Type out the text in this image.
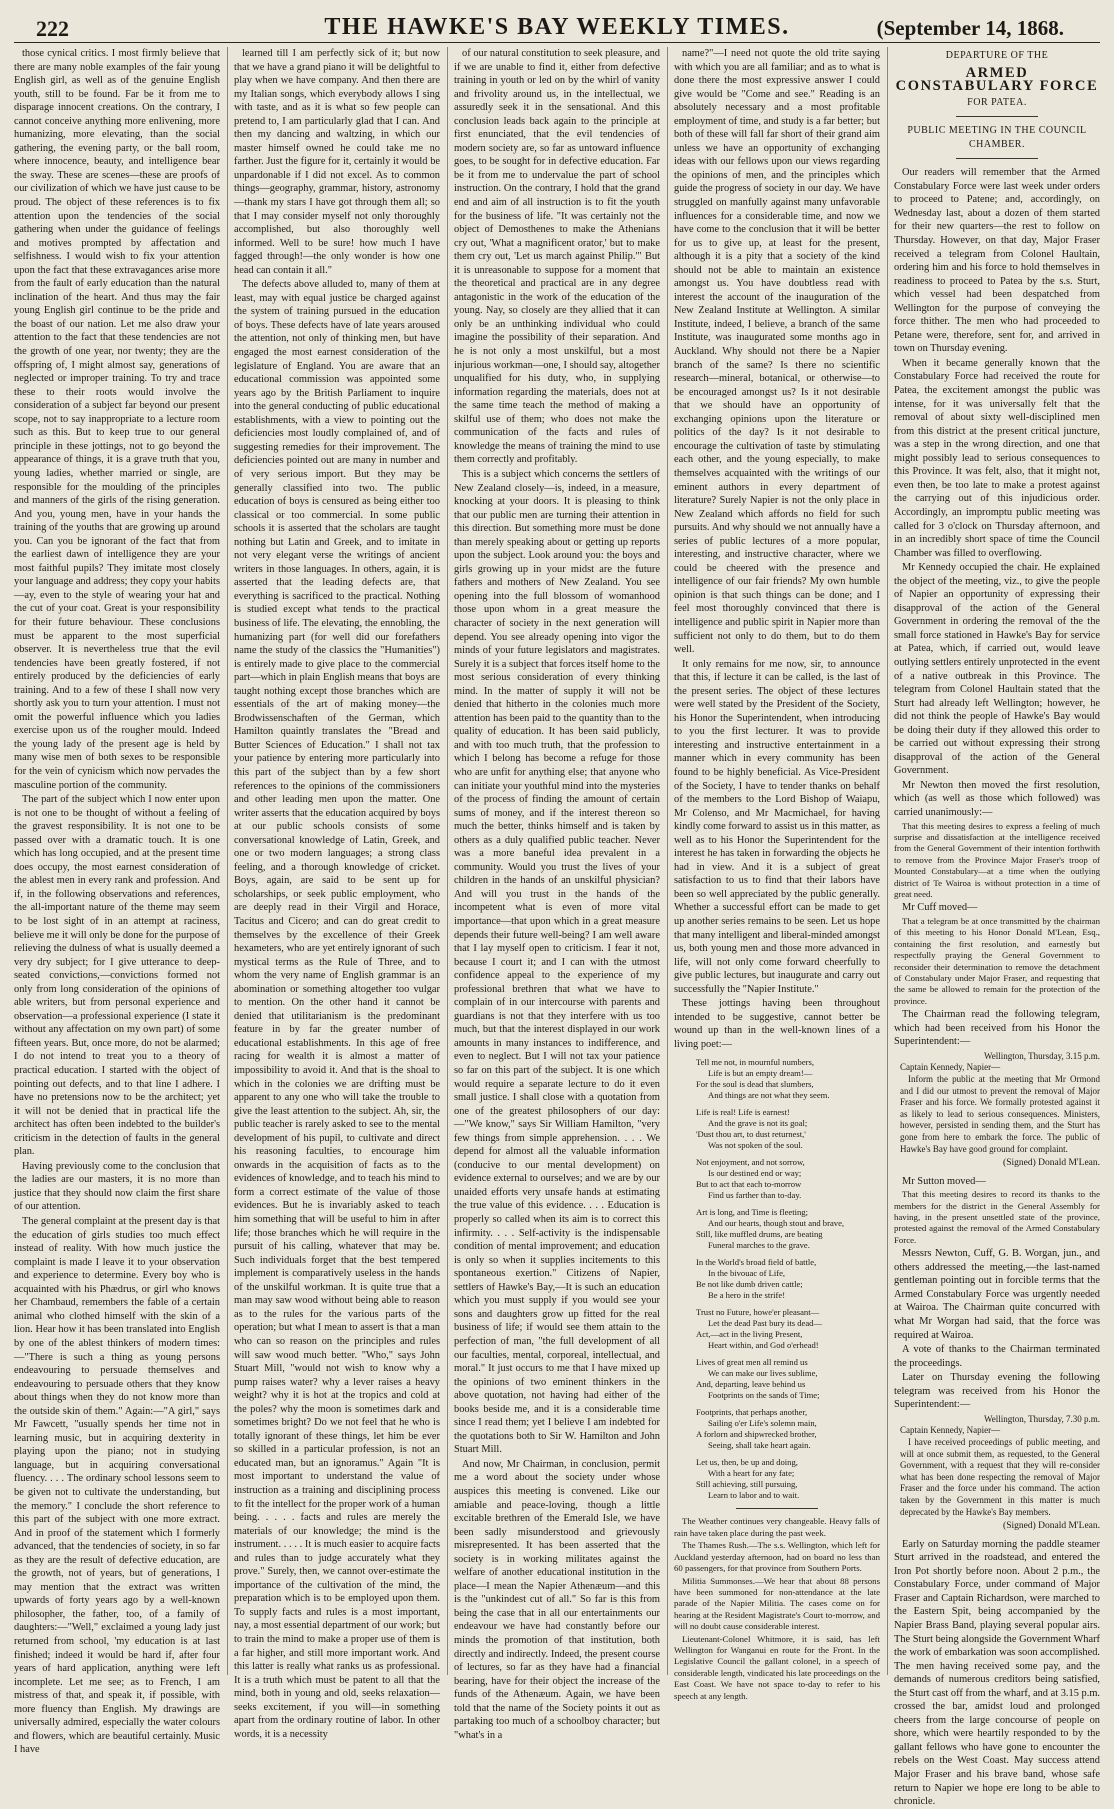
222	THE HAWKE'S BAY WEEKLY TIMES.	(September 14, 1868.

those cynical critics. I most firmly believe that there are many noble examples of the fair young English girl, as well as of the genuine English youth, still to be found. Far be it from me to disparage innocent creations. On the contrary, I cannot conceive anything more enlivening, more humanizing, more elevating, than the social gathering, the evening party, or the ball room, where innocence, beauty, and intelligence bear the sway. These are scenes—these are proofs of our civilization of which we have just cause to be proud. The object of these references is to fix attention upon the tendencies of the social gathering when under the guidance of feelings and motives prompted by affectation and selfishness. I would wish to fix your attention upon the fact that these extravagances arise more from the fault of early education than the natural inclination of the heart. And thus may the fair young English girl continue to be the pride and the boast of our nation. Let me also draw your attention to the fact that these tendencies are not the growth of one year, nor twenty; they are the offspring of, I might almost say, generations of neglected or improper training. To try and trace these to their roots would involve the consideration of a subject far beyond our present scope, not to say inappropriate to a lecture room such as this. But to keep true to our general principle in these jottings, not to go beyond the appearance of things, it is a grave truth that you, young ladies, whether married or single, are responsible for the moulding of the principles and manners of the girls of the rising generation. And you, young men, have in your hands the training of the youths that are growing up around you. Can you be ignorant of the fact that from the earliest dawn of intelligence they are your most faithful pupils? They imitate most closely your language and address; they copy your habits—ay, even to the style of wearing your hat and the cut of your coat. Great is your responsibility for their future behaviour. These conclusions must be apparent to the most superficial observer. It is nevertheless true that the evil tendencies have been greatly fostered, if not entirely produced by the deficiencies of early training. And to a few of these I shall now very shortly ask you to turn your attention. I must not omit the powerful influence which you ladies exercise upon us of the rougher mould. Indeed the young lady of the present age is held by many wise men of both sexes to be responsible for the vein of cynicism which now pervades the masculine portion of the community.

The part of the subject which I now enter upon is not one to be thought of without a feeling of the gravest responsibility. It is not one to be passed over with a dramatic touch. It is one which has long occupied, and at the present time does occupy, the most earnest consideration of the ablest men in every rank and profession. And if, in the following observations and references, the all-important nature of the theme may seem to be lost sight of in an attempt at raciness, believe me it will only be done for the purpose of relieving the dulness of what is usually deemed a very dry subject; for I give utterance to deep-seated convictions,—convictions formed not only from long consideration of the opinions of able writers, but from personal experience and observation—a professional experience (I state it without any affectation on my own part) of some fifteen years. But, once more, do not be alarmed; I do not intend to treat you to a theory of practical education. I started with the object of pointing out defects, and to that line I adhere. I have no pretensions now to be the architect; yet it will not be denied that in practical life the architect has often been indebted to the builder's criticism in the detection of faults in the general plan.

Having previously come to the conclusion that the ladies are our masters, it is no more than justice that they should now claim the first share of our attention.

The general complaint at the present day is that the education of girls studies too much effect instead of reality. With how much justice the complaint is made I leave it to your observation and experience to determine. Every boy who is acquainted with his Phædrus, or girl who knows her Chambaud, remembers the fable of a certain animal who clothed himself with the skin of a lion. Hear how it has been translated into English by one of the ablest thinkers of modern times:—"There is such a thing as young persons endeavouring to persuade themselves and endeavouring to persuade others that they know about things when they do not know more than the outside skin of them." Again:—"A girl," says Mr Fawcett, "usually spends her time not in learning music, but in acquiring dexterity in playing upon the piano; not in studying language, but in acquiring conversational fluency. . . . The ordinary school lessons seem to be given not to cultivate the understanding, but the memory." I conclude the short reference to this part of the subject with one more extract. And in proof of the statement which I formerly advanced, that the tendencies of society, in so far as they are the result of defective education, are the growth, not of years, but of generations, I may mention that the extract was written upwards of forty years ago by a well-known philosopher, the father, too, of a family of daughters:—"Well," exclaimed a young lady just returned from school, 'my education is at last finished; indeed it would be hard if, after four years of hard application, anything were left incomplete. Let me see; as to French, I am mistress of that, and speak it, if possible, with more fluency than English. My drawings are universally admired, especially the water colours and flowers, which are beautiful certainly. Music I have

learned till I am perfectly sick of it; but now that we have a grand piano it will be delightful to play when we have company. And then there are my Italian songs, which everybody allows I sing with taste, and as it is what so few people can pretend to, I am particularly glad that I can. And then my dancing and waltzing, in which our master himself owned he could take me no farther. Just the figure for it, certainly it would be unpardonable if I did not excel. As to common things—geography, grammar, history, astronomy—thank my stars I have got through them all; so that I may consider myself not only thoroughly accomplished, but also thoroughly well informed. Well to be sure! how much I have fagged through!—the only wonder is how one head can contain it all."

The defects above alluded to, many of them at least, may with equal justice be charged against the system of training pursued in the education of boys. These defects have of late years aroused the attention, not only of thinking men, but have engaged the most earnest consideration of the legislature of England. You are aware that an educational commission was appointed some years ago by the British Parliament to inquire into the general conducting of public educational establishments, with a view to pointing out the deficiencies most loudly complained of, and of suggesting remedies for their improvement. The deficiencies pointed out are many in number and of very serious import. But they may be generally classified into two. The public education of boys is censured as being either too classical or too commercial. In some public schools it is asserted that the scholars are taught nothing but Latin and Greek, and to imitate in not very elegant verse the writings of ancient writers in those languages. In others, again, it is asserted that the leading defects are, that everything is sacrificed to the practical. Nothing is studied except what tends to the practical business of life. The elevating, the ennobling, the humanizing part (for well did our forefathers name the study of the classics the "Humanities") is entirely made to give place to the commercial part—which in plain English means that boys are taught nothing except those branches which are essentials of the art of making money—the Brodwissenschaften of the German, which Hamilton quaintly translates the "Bread and Butter Sciences of Education." I shall not tax your patience by entering more particularly into this part of the subject than by a few short references to the opinions of the commissioners and other leading men upon the matter. One writer asserts that the education acquired by boys at our public schools consists of some conversational knowledge of Latin, Greek, and one or two modern languages; a strong class feeling, and a thorough knowledge of cricket. Boys, again, are said to be sent up for scholarships, or seek public employment, who are deeply read in their Virgil and Horace, Tacitus and Cicero; and can do great credit to themselves by the excellence of their Greek hexameters, who are yet entirely ignorant of such mystical terms as the Rule of Three, and to whom the very name of English grammar is an abomination or something altogether too vulgar to mention. On the other hand it cannot be denied that utilitarianism is the predominant feature in by far the greater number of educational establishments. In this age of free racing for wealth it is almost a matter of impossibility to avoid it. And that is the shoal to which in the colonies we are drifting must be apparent to any one who will take the trouble to give the least attention to the subject. Ah, sir, the public teacher is rarely asked to see to the mental development of his pupil, to cultivate and direct his reasoning faculties, to encourage him onwards in the acquisition of facts as to the evidences of knowledge, and to teach his mind to form a correct estimate of the value of those evidences. But he is invariably asked to teach him something that will be useful to him in after life; those branches which he will require in the pursuit of his calling, whatever that may be. Such individuals forget that the best tempered implement is comparatively useless in the hands of the unskilful workman. It is quite true that a man may saw wood without being able to reason as to the rules for the various parts of the operation; but what I mean to assert is that a man who can so reason on the principles and rules will saw wood much better. "Who," says John Stuart Mill, "would not wish to know why a pump raises water? why a lever raises a heavy weight? why it is hot at the tropics and cold at the poles? why the moon is sometimes dark and sometimes bright? Do we not feel that he who is totally ignorant of these things, let him be ever so skilled in a particular profession, is not an educated man, but an ignoramus." Again "It is most important to understand the value of instruction as a training and disciplining process to fit the intellect for the proper work of a human being. . . . . facts and rules are merely the materials of our knowledge; the mind is the instrument. . . . . It is much easier to acquire facts and rules than to judge accurately what they prove." Surely, then, we cannot over-estimate the importance of the cultivation of the mind, the preparation which is to be employed upon them. To supply facts and rules is a most important, nay, a most essential department of our work; but to train the mind to make a proper use of them is a far higher, and still more important work. And this latter is really what ranks us as professional. It is a truth which must be patent to all that the mind, both in young and old, seeks relaxation—seeks excitement, if you will—in something apart from the ordinary routine of labor. In other words, it is a necessity

of our natural constitution to seek pleasure, and if we are unable to find it, either from defective training in youth or led on by the whirl of vanity and frivolity around us, in the intellectual, we assuredly seek it in the sensational. And this conclusion leads back again to the principle at first enunciated, that the evil tendencies of modern society are, so far as untoward influence goes, to be sought for in defective education. Far be it from me to undervalue the part of school instruction. On the contrary, I hold that the grand end and aim of all instruction is to fit the youth for the business of life. "It was certainly not the object of Demosthenes to make the Athenians cry out, 'What a magnificent orator,' but to make them cry out, 'Let us march against Philip.'" But it is unreasonable to suppose for a moment that the theoretical and practical are in any degree antagonistic in the work of the education of the young. Nay, so closely are they allied that it can only be an unthinking individual who could imagine the possibility of their separation. And he is not only a most unskilful, but a most injurious workman—one, I should say, altogether unqualified for his duty, who, in supplying information regarding the materials, does not at the same time teach the method of making a skilful use of them; who does not make the communication of the facts and rules of knowledge the means of training the mind to use them correctly and profitably.

This is a subject which concerns the settlers of New Zealand closely—is, indeed, in a measure, knocking at your doors. It is pleasing to think that our public men are turning their attention in this direction. But something more must be done than merely speaking about or getting up reports upon the subject. Look around you: the boys and girls growing up in your midst are the future fathers and mothers of New Zealand. You see opening into the full blossom of womanhood those upon whom in a great measure the character of society in the next generation will depend. You see already opening into vigor the minds of your future legislators and magistrates. Surely it is a subject that forces itself home to the most serious consideration of every thinking mind. In the matter of supply it will not be denied that hitherto in the colonies much more attention has been paid to the quantity than to the quality of education. It has been said publicly, and with too much truth, that the profession to which I belong has become a refuge for those who are unfit for anything else; that anyone who can initiate your youthful mind into the mysteries of the process of finding the amount of certain sums of money, and if the interest thereon so much the better, thinks himself and is taken by others as a duly qualified public teacher. Never was a more baneful idea prevalent in a community. Would you trust the lives of your children in the hands of an unskilful physician? And will you trust in the hands of the incompetent what is even of more vital importance—that upon which in a great measure depends their future well-being? I am well aware that I lay myself open to criticism. I fear it not, because I court it; and I can with the utmost confidence appeal to the experience of my professional brethren that what we have to complain of in our intercourse with parents and guardians is not that they interfere with us too much, but that the interest displayed in our work amounts in many instances to indifference, and even to neglect. But I will not tax your patience so far on this part of the subject. It is one which would require a separate lecture to do it even small justice. I shall close with a quotation from one of the greatest philosophers of our day:—"We know," says Sir William Hamilton, "very few things from simple apprehension. . . . We depend for almost all the valuable information (conducive to our mental development) on evidence external to ourselves; and we are by our unaided efforts very unsafe hands at estimating the true value of this evidence. . . . Education is properly so called when its aim is to correct this infirmity. . . . Self-activity is the indispensable condition of mental improvement; and education is only so when it supplies incitements to this spontaneous exertion." Citizens of Napier, settlers of Hawke's Bay,—It is such an education which you must supply if you would see your sons and daughters grow up fitted for the real business of life; if would see them attain to the perfection of man, "the full development of all our faculties, mental, corporeal, intellectual, and moral." It just occurs to me that I have mixed up the opinions of two eminent thinkers in the above quotation, not having had either of the books beside me, and it is a considerable time since I read them; yet I believe I am indebted for the quotations both to Sir W. Hamilton and John Stuart Mill.

And now, Mr Chairman, in conclusion, permit me a word about the society under whose auspices this meeting is convened. Like our amiable and peace-loving, though a little excitable brethren of the Emerald Isle, we have been sadly misunderstood and grievously misrepresented. It has been asserted that the society is in working militates against the welfare of another educational institution in the place—I mean the Napier Athenæum—and this is the "unkindest cut of all." So far is this from being the case that in all our entertainments our endeavour we have had constantly before our minds the promotion of that institution, both directly and indirectly. Indeed, the present course of lectures, so far as they have had a financial bearing, have for their object the increase of the funds of the Athenæum. Again, we have been told that the name of the Society points it out as partaking too much of a schoolboy character; but "what's in a

name?"—I need not quote the old trite saying with which you are all familiar; and as to what is done there the most expressive answer I could give would be "Come and see." Reading is an absolutely necessary and a most profitable employment of time, and study is a far better; but both of these will fall far short of their grand aim unless we have an opportunity of exchanging ideas with our fellows upon our views regarding the opinions of men, and the principles which guide the progress of society in our day. We have struggled on manfully against many unfavorable influences for a considerable time, and now we have come to the conclusion that it will be better for us to give up, at least for the present, although it is a pity that a society of the kind should not be able to maintain an existence amongst us. You have doubtless read with interest the account of the inauguration of the New Zealand Institute at Wellington. A similar Institute, indeed, I believe, a branch of the same Institute, was inaugurated some months ago in Auckland. Why should not there be a Napier branch of the same? Is there no scientific research—mineral, botanical, or otherwise—to be encouraged amongst us? Is it not desirable that we should have an opportunity of exchanging opinions upon the literature or politics of the day? Is it not desirable to encourage the cultivation of taste by stimulating each other, and the young especially, to make themselves acquainted with the writings of our eminent authors in every department of literature? Surely Napier is not the only place in New Zealand which affords no field for such pursuits. And why should we not annually have a series of public lectures of a more popular, interesting, and instructive character, where we could be cheered with the presence and intelligence of our fair friends? My own humble opinion is that such things can be done; and I feel most thoroughly convinced that there is intelligence and public spirit in Napier more than sufficient not only to do them, but to do them well.

It only remains for me now, sir, to announce that this, if lecture it can be called, is the last of the present series. The object of these lectures were well stated by the President of the Society, his Honor the Superintendent, when introducing to you the first lecturer. It was to provide interesting and instructive entertainment in a manner which in every community has been found to be highly beneficial. As Vice-President of the Society, I have to tender thanks on behalf of the members to the Lord Bishop of Waiapu, Mr Colenso, and Mr Macmichael, for having kindly come forward to assist us in this matter, as well as to his Honor the Superintendent for the interest he has taken in forwarding the objects he had in view. And it is a subject of great satisfaction to us to find that their labors have been so well appreciated by the public generally. Whether a successful effort can be made to get up another series remains to be seen. Let us hope that many intelligent and liberal-minded amongst us, both young men and those more advanced in life, will not only come forward cheerfully to give public lectures, but inaugurate and carry out successfully the "Napier Institute."

These jottings having been throughout intended to be suggestive, cannot better be wound up than in the well-known lines of a living poet:—

Tell me not, in mournful numbers,
Life is but an empty dream!—
For the soul is dead that slumbers,
And things are not what they seem.
Life is real! Life is earnest!
And the grave is not its goal;
'Dust thou art, to dust returnest,'
Was not spoken of the soul.
Not enjoyment, and not sorrow,
Is our destined end or way;
But to act that each to-morrow
Find us farther than to-day.
Art is long, and Time is fleeting;
And our hearts, though stout and brave,
Still, like muffled drums, are beating
Funeral marches to the grave.
In the World's broad field of battle,
In the bivouac of Life,
Be not like dumb driven cattle;
Be a hero in the strife!
Trust no Future, howe'er pleasant—
Let the dead Past bury its dead—
Act,—act in the living Present,
Heart within, and God o'erhead!
Lives of great men all remind us
We can make our lives sublime,
And, departing, leave behind us
Footprints on the sands of Time;
Footprints, that perhaps another,
Sailing o'er Life's solemn main,
A forlorn and shipwrecked brother,
Seeing, shall take heart again.
Let us, then, be up and doing,
With a heart for any fate;
Still achieving, still pursuing,
Learn to labor and to wait.

The Weather continues very changeable. Heavy falls of rain have taken place during the past week.

The Thames Rush.—The s.s. Wellington, which left for Auckland yesterday afternoon, had on board no less than 60 passengers, for that province from Southern Ports.

Militia Summonses.—We hear that about 88 persons have been summoned for non-attendance at the late parade of the Napier Militia. The cases come on for hearing at the Resident Magistrate's Court to-morrow, and will no doubt cause considerable interest.

Lieutenant-Colonel Whitmore, it is said, has left Wellington for Wanganui en route for the Front. In the Legislative Council the gallant colonel, in a speech of considerable length, vindicated his late proceedings on the East Coast. We have not space to-day to refer to his speech at any length.

DEPARTURE OF THE
ARMED CONSTABULARY FORCE
FOR PATEA.
PUBLIC MEETING IN THE COUNCIL CHAMBER.

Our readers will remember that the Armed Constabulary Force were last week under orders to proceed to Patene; and, accordingly, on Wednesday last, about a dozen of them started for their new quarters—the rest to follow on Thursday. However, on that day, Major Fraser received a telegram from Colonel Haultain, ordering him and his force to hold themselves in readiness to proceed to Patea by the s.s. Sturt, which vessel had been despatched from Wellington for the purpose of conveying the force thither. The men who had proceeded to Petane were, therefore, sent for, and arrived in town on Thursday evening.

When it became generally known that the Constabulary Force had received the route for Patea, the excitement amongst the public was intense, for it was universally felt that the removal of about sixty well-disciplined men from this district at the present critical juncture, was a step in the wrong direction, and one that might possibly lead to serious consequences to this Province. It was felt, also, that it might not, even then, be too late to make a protest against the carrying out of this injudicious order. Accordingly, an impromptu public meeting was called for 3 o'clock on Thursday afternoon, and in an incredibly short space of time the Council Chamber was filled to overflowing.

Mr Kennedy occupied the chair. He explained the object of the meeting, viz., to give the people of Napier an opportunity of expressing their disapproval of the action of the General Government in ordering the removal of the the small force stationed in Hawke's Bay for service at Patea, which, if carried out, would leave outlying settlers entirely unprotected in the event of a native outbreak in this Province. The telegram from Colonel Haultain stated that the Sturt had already left Wellington; however, he did not think the people of Hawke's Bay would be doing their duty if they allowed this order to be carried out without expressing their strong disapproval of the action of the General Government.

Mr Newton then moved the first resolution, which (as well as those which followed) was carried unanimously:—

That this meeting desires to express a feeling of much surprise and dissatisfaction at the intelligence received from the General Government of their intention forthwith to remove from the Province Major Fraser's troop of Mounted Constabulary—at a time when the outlying district of Te Wairoa is without protection in a time of great need.

Mr Cuff moved—

That a telegram be at once transmitted by the chairman of this meeting to his Honor Donald M'Lean, Esq., containing the first resolution, and earnestly but respectfully praying the General Government to reconsider their determination to remove the detachment of Constabulary under Major Fraser, and requesting that the same be allowed to remain for the protection of the province.

The Chairman read the following telegram, which had been received from his Honor the Superintendent:—

Wellington, Thursday, 3.15 p.m.
Captain Kennedy, Napier—
Inform the public at the meeting that Mr Ormond and I did our utmost to prevent the removal of Major Fraser and his force. We formally protested against it as likely to lead to serious consequences. Ministers, however, persisted in sending them, and the Sturt has gone from here to embark the force. The public of Hawke's Bay have good ground for complaint.
(Signed) Donald M'Lean.

Mr Sutton moved—

That this meeting desires to record its thanks to the members for the district in the General Assembly for having, in the present unsettled state of the province, protested against the removal of the Armed Constabulary Force.

Messrs Newton, Cuff, G. B. Worgan, jun., and others addressed the meeting,—the last-named gentleman pointing out in forcible terms that the Armed Constabulary Force was urgently needed at Wairoa. The Chairman quite concurred with what Mr Worgan had said, that the force was required at Wairoa.

A vote of thanks to the Chairman terminated the proceedings.

Later on Thursday evening the following telegram was received from his Honor the Superintendent:—

Wellington, Thursday, 7.30 p.m.
Captain Kennedy, Napier—
I have received proceedings of public meeting, and will at once submit them, as requested, to the General Government, with a request that they will re-consider what has been done respecting the removal of Major Fraser and the force under his command. The action taken by the Government in this matter is much deprecated by the Hawke's Bay members.
(Signed) Donald M'Lean.

Early on Saturday morning the paddle steamer Sturt arrived in the roadstead, and entered the Iron Pot shortly before noon. About 2 p.m., the Constabulary Force, under command of Major Fraser and Captain Richardson, were marched to the Eastern Spit, being accompanied by the Napier Brass Band, playing several popular airs. The Sturt being alongside the Government Wharf the work of embarkation was soon accomplished. The men having received some pay, and the demands of numerous creditors being satisfied, the Sturt cast off from the wharf, and at 3.15 p.m. crossed the bar, amidst loud and prolonged cheers from the large concourse of people on shore, which were heartily responded to by the gallant fellows who have gone to encounter the rebels on the West Coast. May success attend Major Fraser and his brave band, whose safe return to Napier we hope ere long to be able to chronicle.
